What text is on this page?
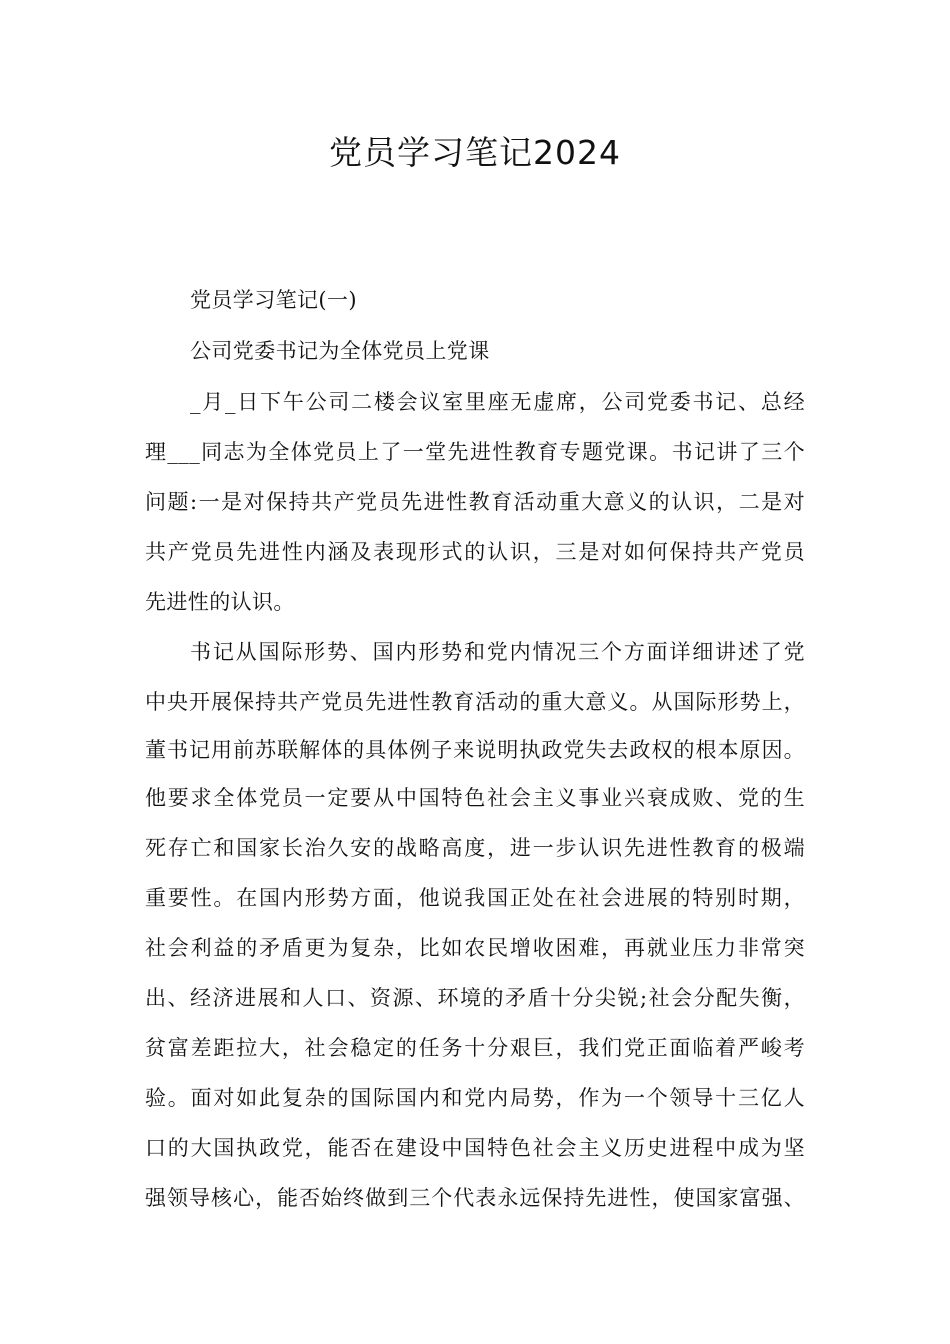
党员学习笔记2024
党员学习笔记(一)
公司党委书记为全体党员上党课
_月_日下午公司二楼会议室里座无虚席，公司党委书记、总经
理___同志为全体党员上了一堂先进性教育专题党课。书记讲了三个
问题:一是对保持共产党员先进性教育活动重大意义的认识，二是对
共产党员先进性内涵及表现形式的认识，三是对如何保持共产党员
先进性的认识。
书记从国际形势、国内形势和党内情况三个方面详细讲述了党
中央开展保持共产党员先进性教育活动的重大意义。从国际形势上，
董书记用前苏联解体的具体例子来说明执政党失去政权的根本原因。
他要求全体党员一定要从中国特色社会主义事业兴衰成败、党的生
死存亡和国家长治久安的战略高度，进一步认识先进性教育的极端
重要性。在国内形势方面，他说我国正处在社会进展的特别时期，
社会利益的矛盾更为复杂，比如农民增收困难，再就业压力非常突
出、经济进展和人口、资源、环境的矛盾十分尖锐;社会分配失衡，
贫富差距拉大，社会稳定的任务十分艰巨，我们党正面临着严峻考
验。面对如此复杂的国际国内和党内局势，作为一个领导十三亿人
口的大国执政党，能否在建设中国特色社会主义历史进程中成为坚
强领导核心，能否始终做到三个代表永远保持先进性，使国家富强、
